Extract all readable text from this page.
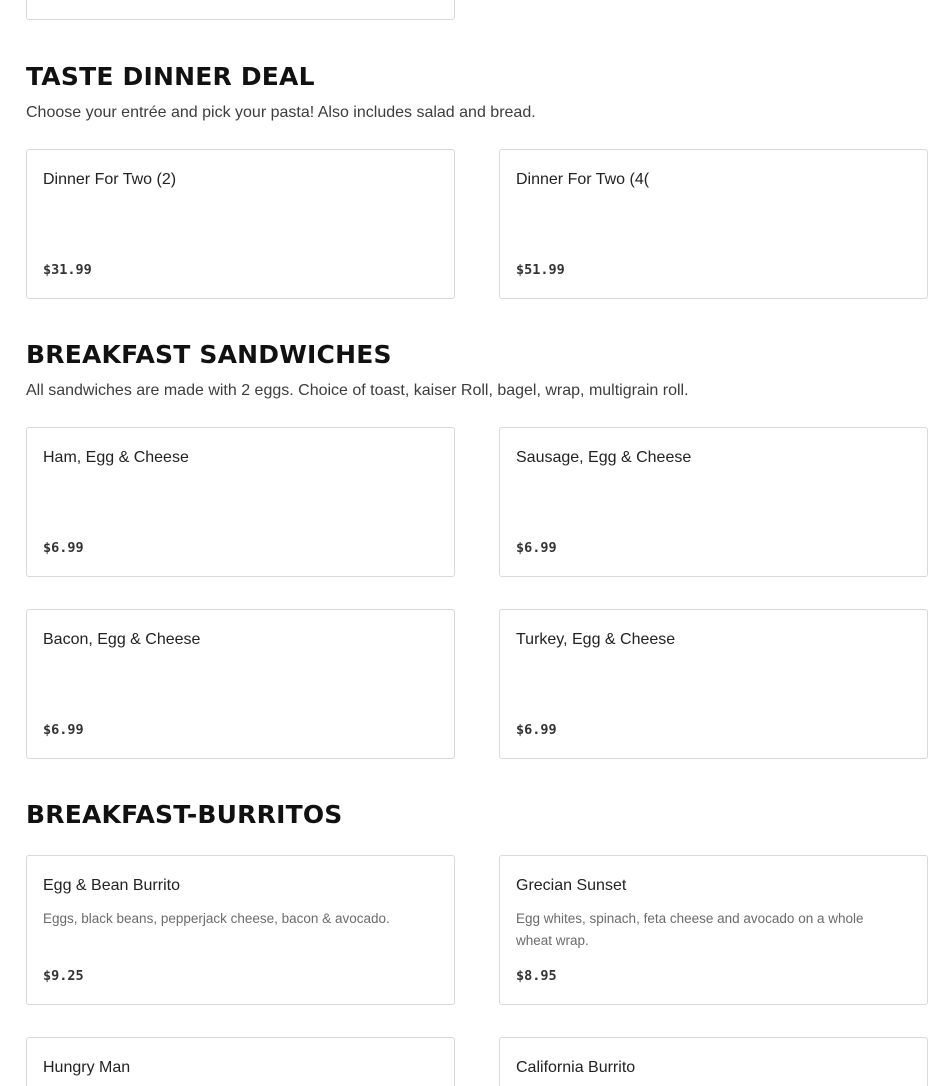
TASTE DINNER DEAL

Choose your entrée and pick your pasta! Also includes salad and bread.

Dinner For Two (2)
$31.99
Dinner For Two (4(
$51.99
BREAKFAST SANDWICHES

All sandwiches are made with 2 eggs. Choice of toast, kaiser Roll, bagel, wrap, multigrain roll.

Ham, Egg & Cheese
$6.99
Sausage, Egg & Cheese
$6.99
Bacon, Egg & Cheese
$6.99
Turkey, Egg & Cheese
$6.99
BREAKFAST-BURRITOS
Egg & Bean Burrito
Eggs, black beans, pepperjack cheese, bacon & avocado.
$9.25
Grecian Sunset
Egg whites, spinach, feta cheese and avocado on a whole wheat wrap.
$8.95
Hungry Man	California Burrito
